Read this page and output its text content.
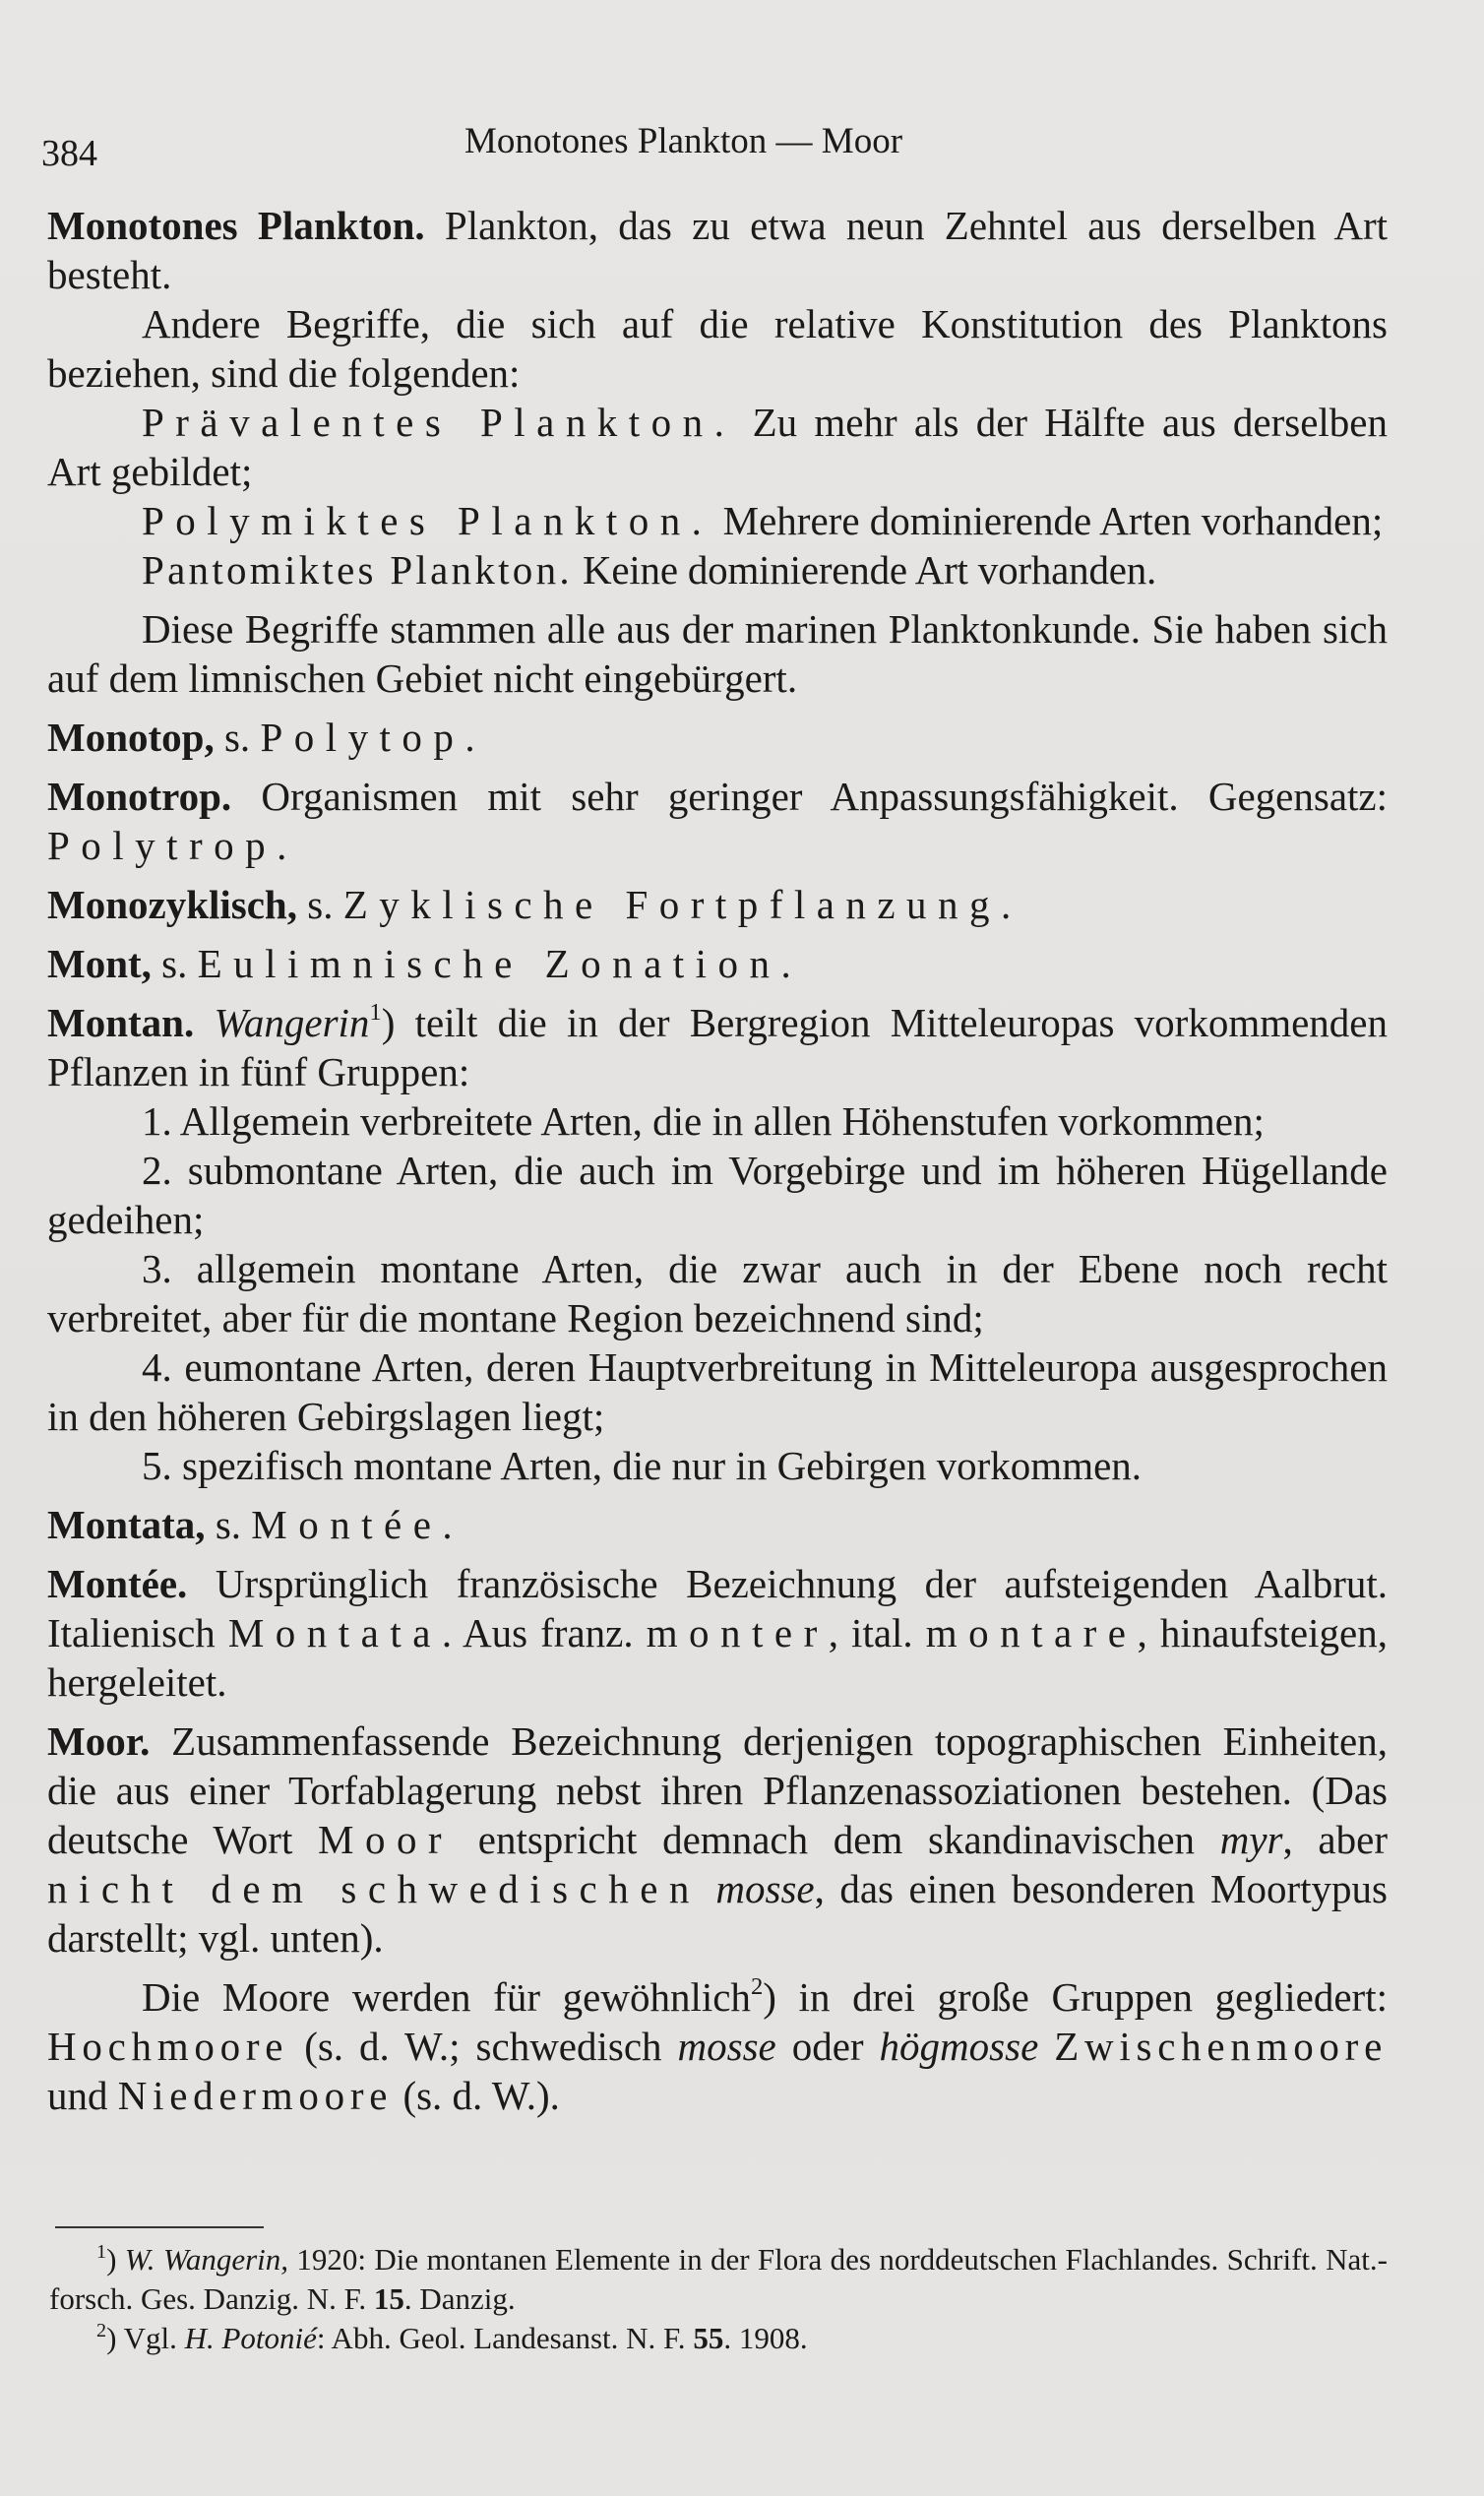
384	Monotones Plankton — Moor

Monotones Plankton. Plankton, das zu etwa neun Zehntel aus derselben Art besteht.

Andere Begriffe, die sich auf die relative Konstitution des Planktons beziehen, sind die folgenden:

Prävalentes Plankton. Zu mehr als der Hälfte aus derselben Art gebildet;

Polymiktes Plankton. Mehrere dominierende Arten vorhanden;

Pantomiktes Plankton. Keine dominierende Art vorhanden.

Diese Begriffe stammen alle aus der marinen Planktonkunde. Sie haben sich auf dem limnischen Gebiet nicht eingebürgert.

Monotop, s. Polytop.

Monotrop. Organismen mit sehr geringer Anpassungsfähigkeit. Gegensatz: Polytrop.

Monozyklisch, s. Zyklische Fortpflanzung.

Mont, s. Eulimnische Zonation.

Montan. Wangerin$^1$) teilt die in der Bergregion Mitteleuropas vorkommenden Pflanzen in fünf Gruppen:

1. Allgemein verbreitete Arten, die in allen Höhenstufen vorkommen;

2. submontane Arten, die auch im Vorgebirge und im höheren Hügellande gedeihen;

3. allgemein montane Arten, die zwar auch in der Ebene noch recht verbreitet, aber für die montane Region bezeichnend sind;

4. eumontane Arten, deren Hauptverbreitung in Mitteleuropa ausgesprochen in den höheren Gebirgslagen liegt;

5. spezifisch montane Arten, die nur in Gebirgen vorkommen.

Montata, s. Montée.

Montée. Ursprünglich französische Bezeichnung der aufsteigenden Aalbrut. Italienisch Montata. Aus franz. monter, ital. montare, hinaufsteigen, hergeleitet.

Moor. Zusammenfassende Bezeichnung derjenigen topographischen Einheiten, die aus einer Torfablagerung nebst ihren Pflanzenassoziationen bestehen. (Das deutsche Wort Moor entspricht demnach dem skandinavischen myr, aber nicht dem schwedischen mosse, das einen besonderen Moortypus darstellt; vgl. unten).

Die Moore werden für gewöhnlich$^2$) in drei große Gruppen gegliedert: Hochmoore (s. d. W.; schwedisch mosse oder högmosse Zwischenmoore und Niedermoore (s. d. W.).

$^1$) W. Wangerin, 1920: Die montanen Elemente in der Flora des norddeutschen Flachlandes. Schrift. Nat.-forsch. Ges. Danzig. N. F. 15. Danzig.

$^2$) Vgl. H. Potonié: Abh. Geol. Landesanst. N. F. 55. 1908.
